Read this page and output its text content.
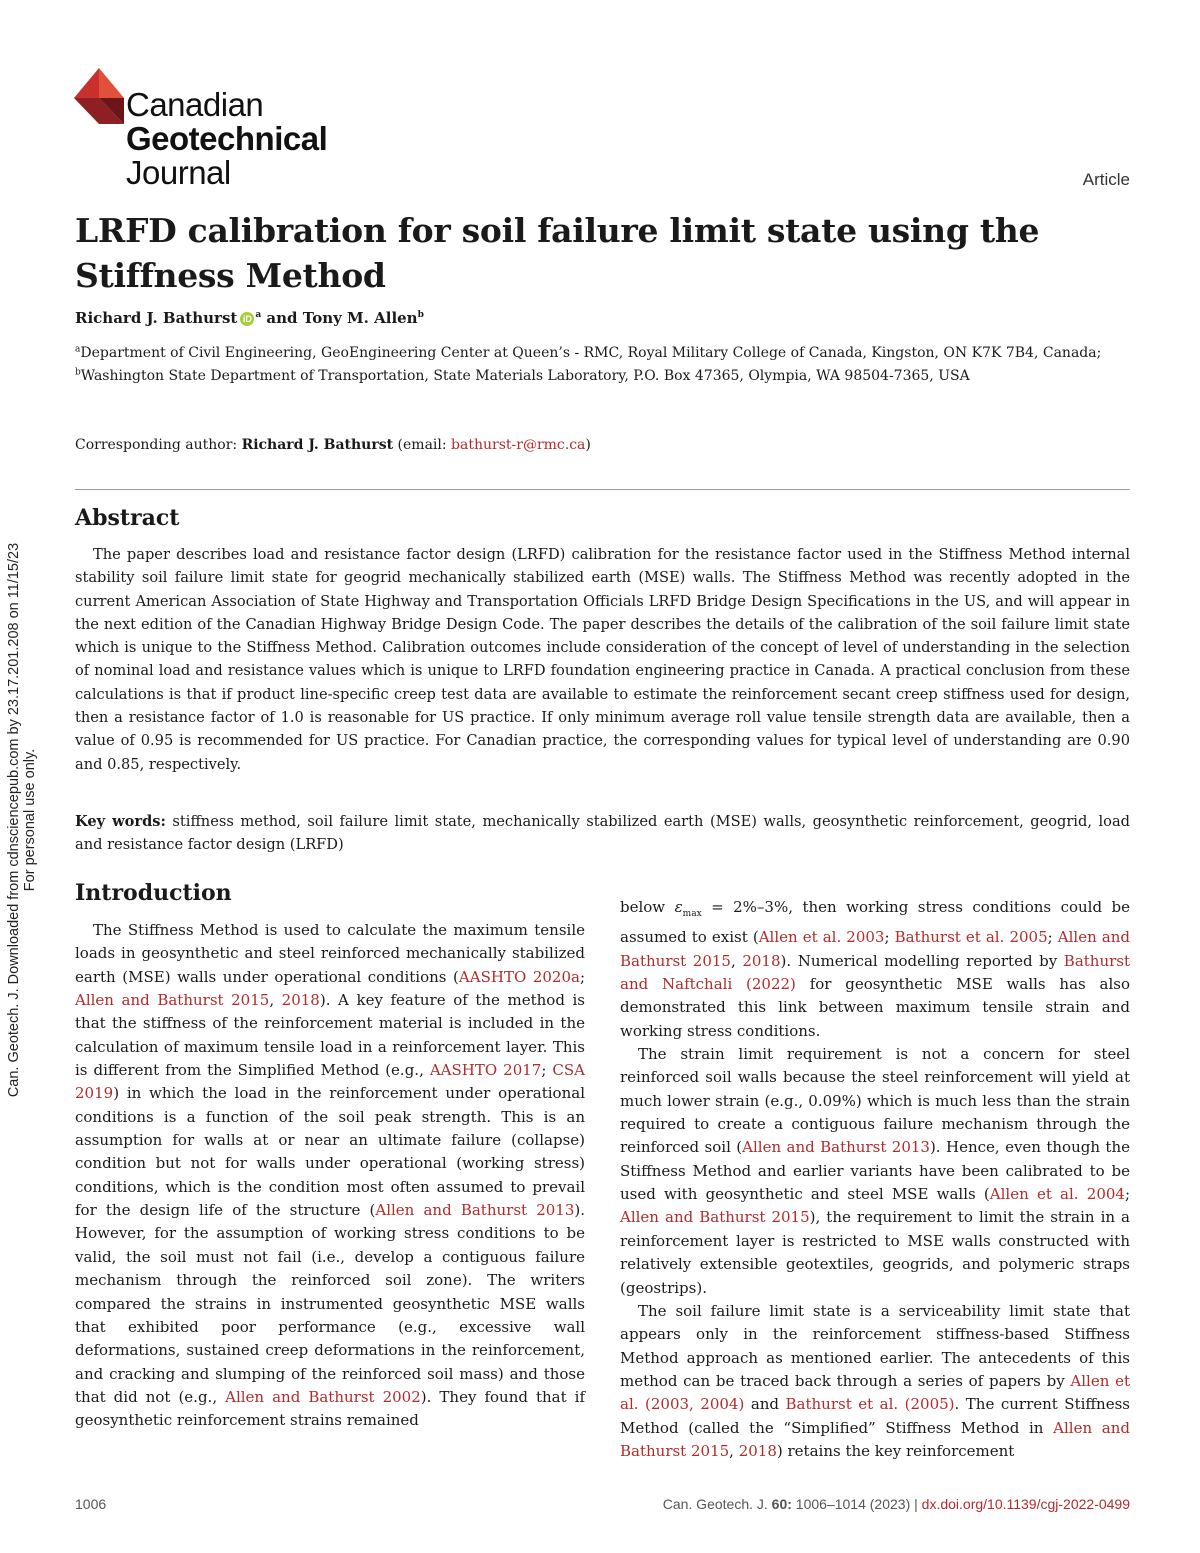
Canadian
Geotechnical
Journal	Article
LRFD calibration for soil failure limit state using the Stiffness Method
Richard J. Bathurst iD $^a$ and Tony M. Allen$^b$

$^a$Department of Civil Engineering, GeoEngineering Center at Queen’s - RMC, Royal Military College of Canada, Kingston, ON K7K 7B4, Canada; $^b$Washington State Department of Transportation, State Materials Laboratory, P.O. Box 47365, Olympia, WA 98504-7365, USA

Corresponding author: Richard J. Bathurst (email: bathurst-r@rmc.ca)
Abstract

The paper describes load and resistance factor design (LRFD) calibration for the resistance factor used in the Stiffness Method internal stability soil failure limit state for geogrid mechanically stabilized earth (MSE) walls. The Stiffness Method was recently adopted in the current American Association of State Highway and Transportation Officials LRFD Bridge Design Specifications in the US, and will appear in the next edition of the Canadian Highway Bridge Design Code. The paper describes the details of the calibration of the soil failure limit state which is unique to the Stiffness Method. Calibration outcomes include consideration of the concept of level of understanding in the selection of nominal load and resistance values which is unique to LRFD foundation engineering practice in Canada. A practical conclusion from these calculations is that if product line-specific creep test data are available to estimate the reinforcement secant creep stiffness used for design, then a resistance factor of 1.0 is reasonable for US practice. If only minimum average roll value tensile strength data are available, then a value of 0.95 is recommended for US practice. For Canadian practice, the corresponding values for typical level of understanding are 0.90 and 0.85, respectively.

Key words: stiffness method, soil failure limit state, mechanically stabilized earth (MSE) walls, geosynthetic reinforcement, geogrid, load and resistance factor design (LRFD)

Introduction

The Stiffness Method is used to calculate the maximum tensile loads in geosynthetic and steel reinforced mechanically stabilized earth (MSE) walls under operational conditions (AASHTO 2020a; Allen and Bathurst 2015, 2018). A key feature of the method is that the stiffness of the reinforcement material is included in the calculation of maximum tensile load in a reinforcement layer. This is different from the Simplified Method (e.g., AASHTO 2017; CSA 2019) in which the load in the reinforcement under operational conditions is a function of the soil peak strength. This is an assumption for walls at or near an ultimate failure (collapse) condition but not for walls under operational (working stress) conditions, which is the condition most often assumed to prevail for the design life of the structure (Allen and Bathurst 2013). However, for the assumption of working stress conditions to be valid, the soil must not fail (i.e., develop a contiguous failure mechanism through the reinforced soil zone). The writers compared the strains in instrumented geosynthetic MSE walls that exhibited poor performance (e.g., excessive wall deformations, sustained creep deformations in the reinforcement, and cracking and slumping of the reinforced soil mass) and those that did not (e.g., Allen and Bathurst 2002). They found that if geosynthetic reinforcement strains remained

below $\varepsilon_{max} = 2\%-3\%$, then working stress conditions could be assumed to exist (Allen et al. 2003; Bathurst et al. 2005; Allen and Bathurst 2015, 2018). Numerical modelling reported by Bathurst and Naftchali (2022) for geosynthetic MSE walls has also demonstrated this link between maximum tensile strain and working stress conditions.

The strain limit requirement is not a concern for steel reinforced soil walls because the steel reinforcement will yield at much lower strain (e.g., 0.09%) which is much less than the strain required to create a contiguous failure mechanism through the reinforced soil (Allen and Bathurst 2013). Hence, even though the Stiffness Method and earlier variants have been calibrated to be used with geosynthetic and steel MSE walls (Allen et al. 2004; Allen and Bathurst 2015), the requirement to limit the strain in a reinforcement layer is restricted to MSE walls constructed with relatively extensible geotextiles, geogrids, and polymeric straps (geostrips).

The soil failure limit state is a serviceability limit state that appears only in the reinforcement stiffness-based Stiffness Method approach as mentioned earlier. The antecedents of this method can be traced back through a series of papers by Allen et al. (2003, 2004) and Bathurst et al. (2005). The current Stiffness Method (called the “Simplified” Stiffness Method in Allen and Bathurst 2015, 2018) retains the key reinforcement

Can. Geotech. J. Downloaded from cdnsciencepub.com by 23.17.201.208 on 11/15/23 For personal use only.
1006	Can. Geotech. J. 60: 1006–1014 (2023) | dx.doi.org/10.1139/cgj-2022-0499
